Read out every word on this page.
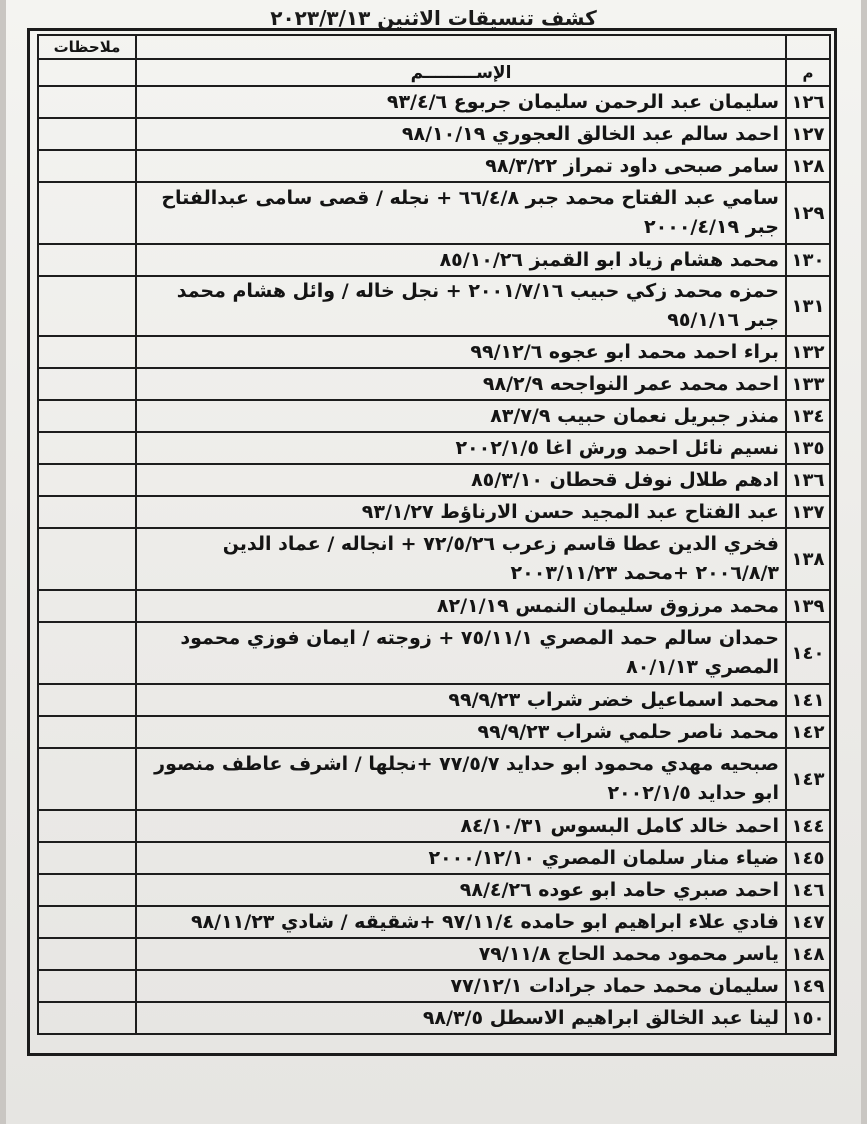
كشف تنسيقات الاثنين ٢٠٢٣/٣/١٣
		ملاحظات
م	الإســـــــــم	
١٢٦	سليمان عبد الرحمن سليمان جربوع ٩٣/٤/٦	
١٢٧	احمد سالم عبد الخالق العجوري ٩٨/١٠/١٩	
١٢٨	سامر صبحى داود تمراز ٩٨/٣/٢٢	
١٢٩	سامي عبد الفتاح محمد جبر ٦٦/٤/٨ + نجله / قصى سامى عبدالفتاح جبر ٢٠٠٠/٤/١٩	
١٣٠	محمد هشام زياد ابو القمبز ٨٥/١٠/٢٦	
١٣١	حمزه محمد زكي حبيب ٢٠٠١/٧/١٦ + نجل خاله / وائل هشام محمد جبر ٩٥/١/١٦	
١٣٢	براء احمد محمد ابو عجوه ٩٩/١٢/٦	
١٣٣	احمد محمد عمر النواجحه ٩٨/٢/٩	
١٣٤	منذر جبريل نعمان حبيب ٨٣/٧/٩	
١٣٥	نسيم نائل احمد ورش اغا ٢٠٠٢/١/٥	
١٣٦	ادهم طلال نوفل قحطان ٨٥/٣/١٠	
١٣٧	عبد الفتاح عبد المجيد حسن الارناؤط ٩٣/١/٢٧	
١٣٨	فخري الدين عطا قاسم زعرب ٧٢/٥/٢٦ + انجاله / عماد الدين ٢٠٠٦/٨/٣ +محمد ٢٠٠٣/١١/٢٣	
١٣٩	محمد مرزوق سليمان النمس ٨٢/١/١٩	
١٤٠	حمدان سالم حمد المصري ٧٥/١١/١ + زوجته / ايمان فوزي محمود المصري ٨٠/١/١٣	
١٤١	محمد اسماعيل خضر شراب ٩٩/٩/٢٣	
١٤٢	محمد ناصر حلمي شراب ٩٩/٩/٢٣	
١٤٣	صبحيه مهدي محمود ابو حدايد ٧٧/٥/٧ +نجلها / اشرف عاطف منصور ابو حدايد ٢٠٠٢/١/٥	
١٤٤	احمد خالد كامل البسوس ٨٤/١٠/٣١	
١٤٥	ضياء منار سلمان المصري ٢٠٠٠/١٢/١٠	
١٤٦	احمد صبري حامد ابو عوده ٩٨/٤/٢٦	
١٤٧	فادي علاء ابراهيم ابو حامده ٩٧/١١/٤ +شقيقه / شادي ٩٨/١١/٢٣	
١٤٨	ياسر محمود محمد الحاج ٧٩/١١/٨	
١٤٩	سليمان محمد حماد جرادات ٧٧/١٢/١	
١٥٠	لينا عبد الخالق ابراهيم الاسطل ٩٨/٣/٥	
